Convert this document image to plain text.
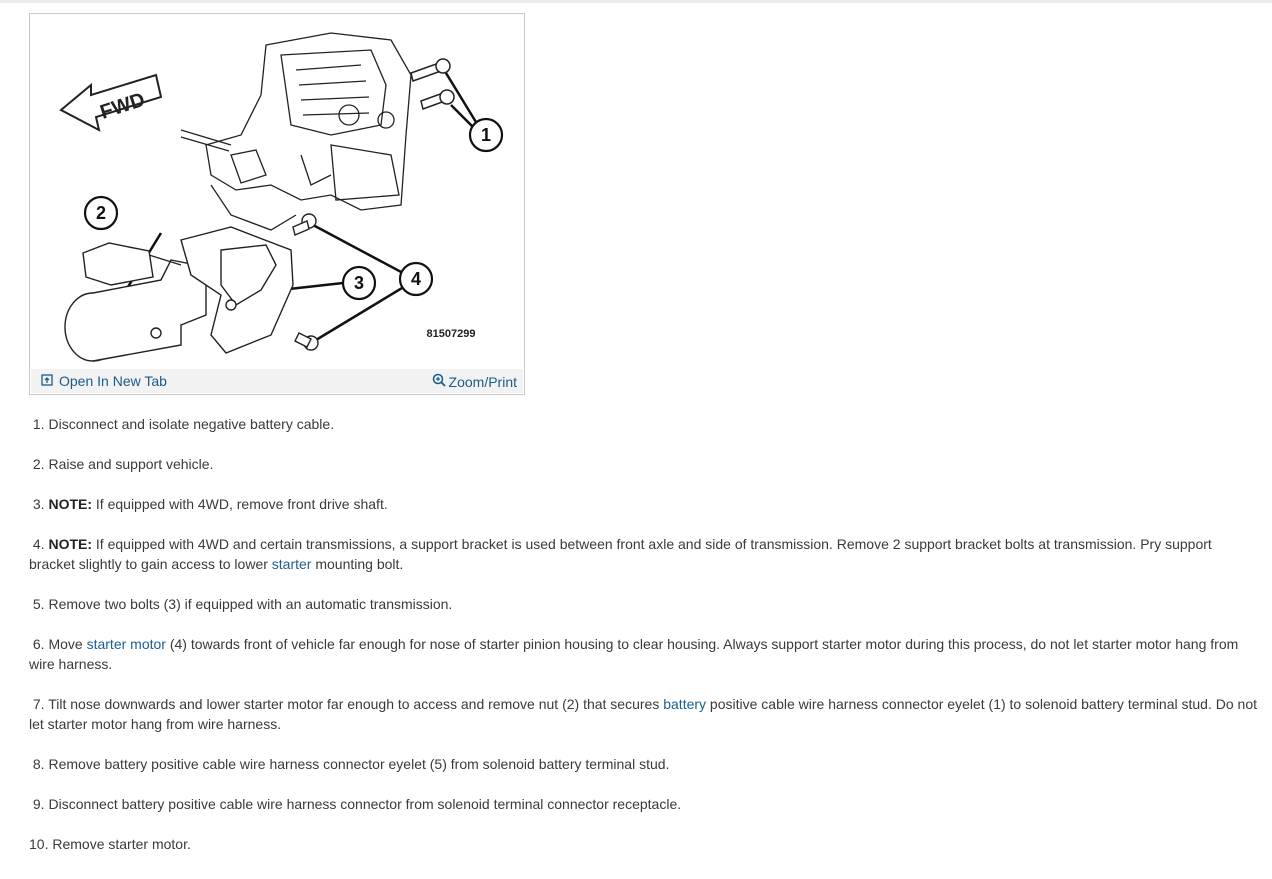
FWD
1
2
3	4
81507299
Open In New Tab	Zoom/Print
1. Disconnect and isolate negative battery cable.
2. Raise and support vehicle.
3. NOTE: If equipped with 4WD, remove front drive shaft.
4. NOTE: If equipped with 4WD and certain transmissions, a support bracket is used between front axle and side of transmission. Remove 2 support bracket bolts at transmission. Pry support bracket slightly to gain access to lower starter mounting bolt.
5. Remove two bolts (3) if equipped with an automatic transmission.
6. Move starter motor (4) towards front of vehicle far enough for nose of starter pinion housing to clear housing. Always support starter motor during this process, do not let starter motor hang from wire harness.
7. Tilt nose downwards and lower starter motor far enough to access and remove nut (2) that secures battery positive cable wire harness connector eyelet (1) to solenoid battery terminal stud. Do not let starter motor hang from wire harness.
8. Remove battery positive cable wire harness connector eyelet (5) from solenoid battery terminal stud.
9. Disconnect battery positive cable wire harness connector from solenoid terminal connector receptacle.
10. Remove starter motor.
